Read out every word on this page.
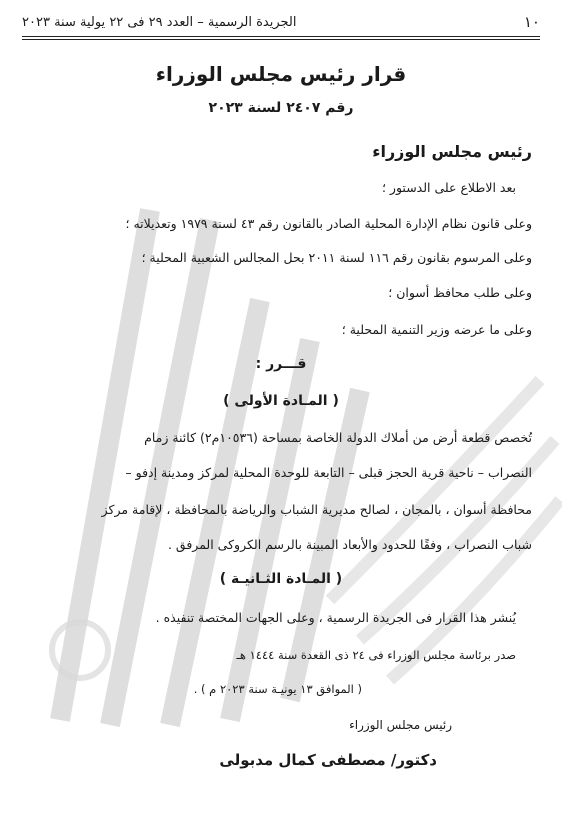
١٠
الجريدة الرسمية – العدد ٢٩ فى ٢٢ يولية سنة ٢٠٢٣
قرار رئيس مجلس الوزراء
رقم ٢٤٠٧ لسنة ٢٠٢٣
رئيس مجلس الوزراء
بعد الاطلاع على الدستور ؛
وعلى قانون نظام الإدارة المحلية الصادر بالقانون رقم ٤٣ لسنة ١٩٧٩ وتعديلاته ؛
وعلى المرسوم بقانون رقم ١١٦ لسنة ٢٠١١ بحل المجالس الشعبية المحلية ؛
وعلى طلب محافظ أسوان ؛
وعلى ما عرضه وزير التنمية المحلية ؛
قـــرر :
( المـادة الأولى )
تُخصص قطعة أرض من أملاك الدولة الخاصة بمساحة (١٠٥٣٦م٢) كائنة زمام
النصراب – ناحية قرية الحجز قبلى – التابعة للوحدة المحلية لمركز ومدينة إدفو –
محافظة أسوان ، بالمجان ، لصالح مديرية الشباب والرياضة بالمحافظة ، لإقامة مركز
شباب النصراب ، وفقًا للحدود والأبعاد المبينة بالرسم الكروكى المرفق .
( المـادة الثـانيـة )
يُنشر هذا القرار فى الجريدة الرسمية ، وعلى الجهات المختصة تنفيذه .
صدر برئاسة مجلس الوزراء فى ٢٤ ذى القعدة سنة ١٤٤٤ هـ
( الموافق ١٣ يونيـة سنة ٢٠٢٣ م ) .
رئيس مجلس الوزراء
دكتور/ مصطفى كمال مدبولى
